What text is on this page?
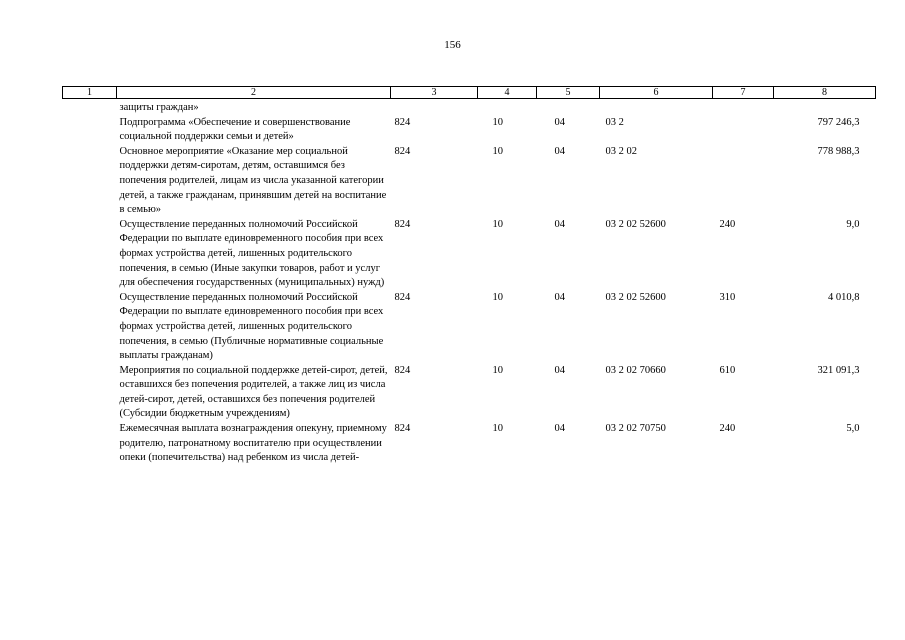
156
1	2	3	4	5	6	7	8

	защиты граждан»						
	Подпрограмма «Обеспечение и совершенствование социальной поддержки семьи и детей»	824	10	04	03 2		797 246,3
	Основное мероприятие «Оказание мер социальной поддержки детям-сиротам, детям, оставшимся без попечения родителей, лицам из числа указанной категории детей, а также гражданам, принявшим детей на воспитание в семью»	824	10	04	03 2 02		778 988,3
	Осуществление переданных полномочий Российской Федерации по выплате единовременного пособия при всех формах устройства детей, лишенных родительского попечения, в семью (Иные закупки товаров, работ и услуг для обеспечения государственных (муниципальных) нужд)	824	10	04	03 2 02 52600	240	9,0
	Осуществление переданных полномочий Российской Федерации по выплате единовременного пособия при всех формах устройства детей, лишенных родительского попечения, в семью (Публичные нормативные социальные выплаты гражданам)	824	10	04	03 2 02 52600	310	4 010,8
	Мероприятия по социальной поддержке детей-сирот, детей, оставшихся без попечения родителей, а также лиц из числа детей-сирот, детей, оставшихся без попечения родителей (Субсидии бюджетным учреждениям)	824	10	04	03 2 02 70660	610	321 091,3
	Ежемесячная выплата вознаграждения опекуну, приемному родителю, патронатному воспитателю при осуществлении опеки (попечительства) над ребенком из числа детей-	824	10	04	03 2 02 70750	240	5,0
